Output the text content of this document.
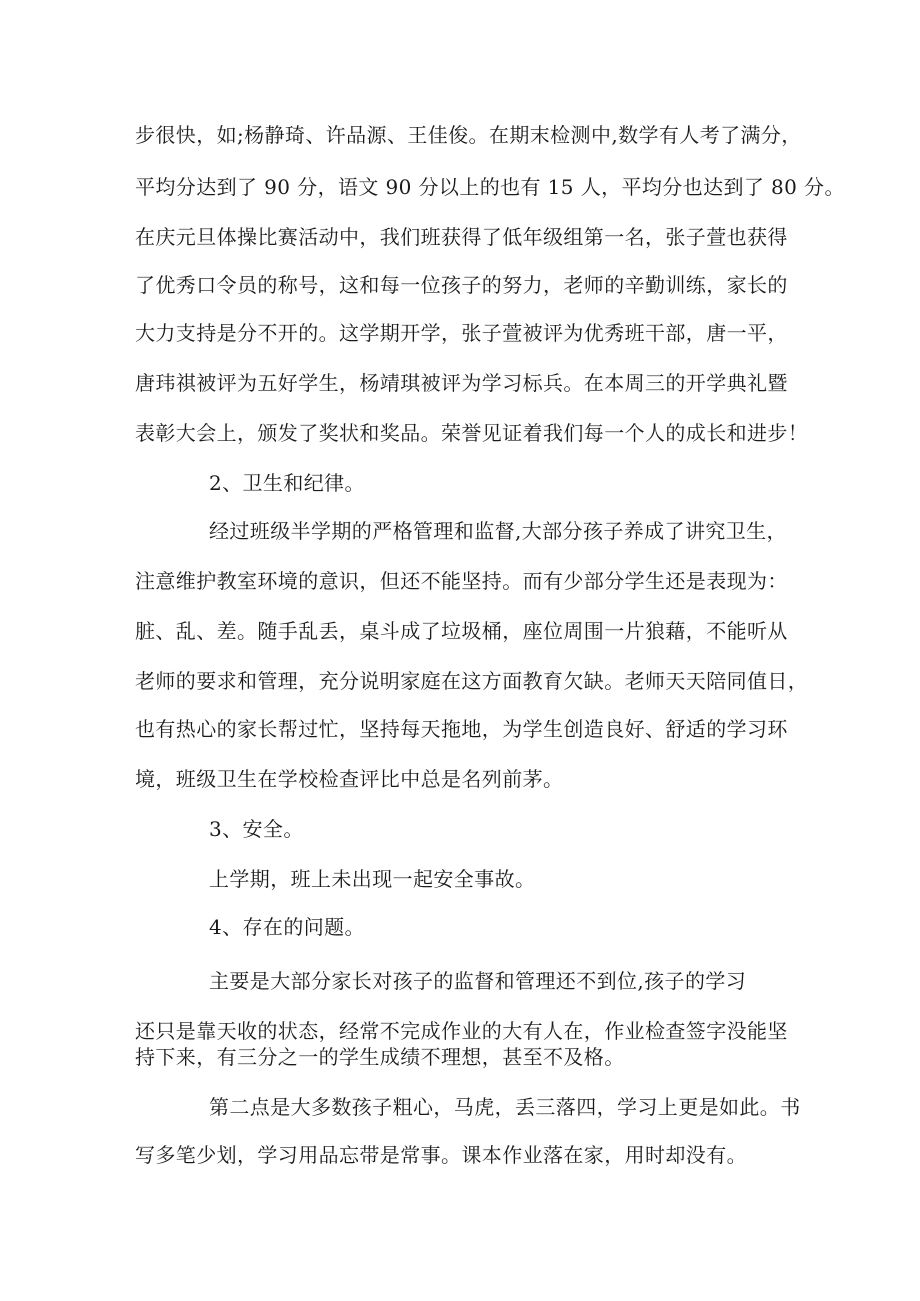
步很快，如;杨静琦、许品源、王佳俊。在期末检测中,数学有人考了满分，
平均分达到了 90 分，语文 90 分以上的也有 15 人，平均分也达到了 80 分。
在庆元旦体操比赛活动中，我们班获得了低年级组第一名，张子萱也获得
了优秀口令员的称号，这和每一位孩子的努力，老师的辛勤训练，家长的
大力支持是分不开的。这学期开学，张子萱被评为优秀班干部，唐一平，
唐玮祺被评为五好学生，杨靖琪被评为学习标兵。在本周三的开学典礼暨
表彰大会上，颁发了奖状和奖品。荣誉见证着我们每一个人的成长和进步！
2、卫生和纪律。
经过班级半学期的严格管理和监督,大部分孩子养成了讲究卫生，
注意维护教室环境的意识，但还不能坚持。而有少部分学生还是表现为：
脏、乱、差。随手乱丢，桌斗成了垃圾桶，座位周围一片狼藉，不能听从
老师的要求和管理，充分说明家庭在这方面教育欠缺。老师天天陪同值日，
也有热心的家长帮过忙，坚持每天拖地，为学生创造良好、舒适的学习环
境，班级卫生在学校检查评比中总是名列前茅。
3、安全。
上学期，班上未出现一起安全事故。
4、存在的问题。
主要是大部分家长对孩子的监督和管理还不到位,孩子的学习
还只是靠天收的状态，经常不完成作业的大有人在，作业检查签字没能坚
持下来，有三分之一的学生成绩不理想，甚至不及格。
第二点是大多数孩子粗心，马虎，丢三落四，学习上更是如此。书
写多笔少划，学习用品忘带是常事。课本作业落在家，用时却没有。
